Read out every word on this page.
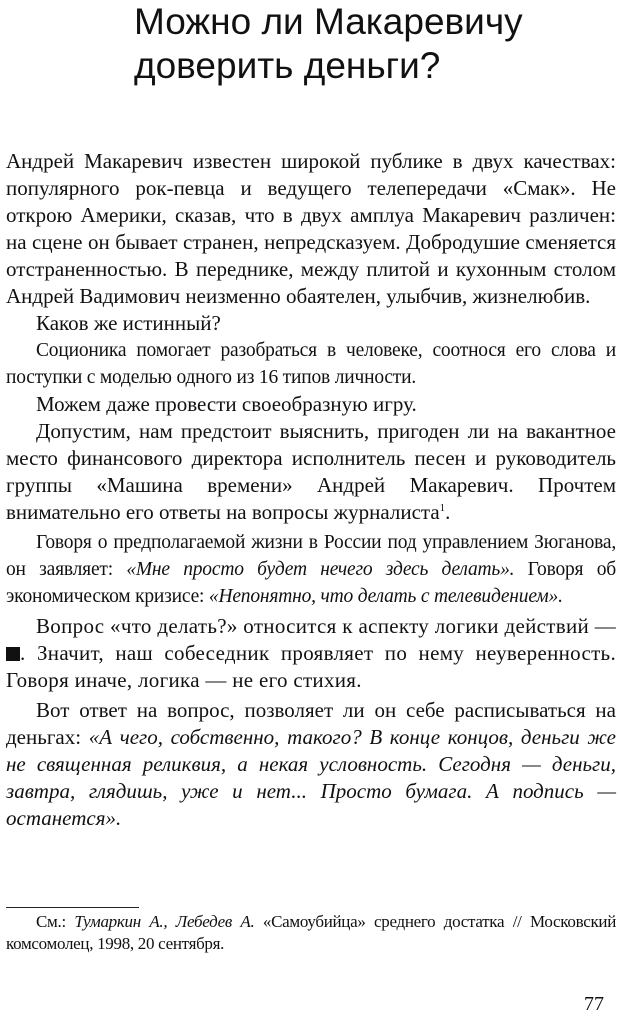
Можно ли Макаревичу доверить деньги?

Андрей Макаревич известен широкой публике в двух качествах: популярного рок-певца и ведущего телепередачи «Смак». Не открою Америки, сказав, что в двух амплуа Макаревич различен: на сцене он бывает странен, непредсказуем. Добродушие сменяется отстраненностью. В переднике, между плитой и кухонным столом Андрей Вадимович неизменно обаятелен, улыбчив, жизнелюбив.

Каков же истинный?

Соционика помогает разобраться в человеке, соотнося его слова и поступки с моделью одного из 16 типов личности.

Можем даже провести своеобразную игру.

Допустим, нам предстоит выяснить, пригоден ли на вакантное место финансового директора исполнитель песен и руководитель группы «Машина времени» Андрей Макаревич. Прочтем внимательно его ответы на вопросы журналиста$^1$.

Говоря о предполагаемой жизни в России под управлением Зюганова, он заявляет: «Мне просто будет нечего здесь делать». Говоря об экономическом кризисе: «Непонятно, что делать с телевидением».

Вопрос «что делать?» относится к аспекту логики действий — . Значит, наш собеседник проявляет по нему неуверенность. Говоря иначе, логика — не его стихия.

Вот ответ на вопрос, позволяет ли он себе расписываться на деньгах: «А чего, собственно, такого? В конце концов, деньги же не священная реликвия, а некая условность. Сегодня — деньги, завтра, глядишь, уже и нет... Просто бумага. А подпись — останется».

См.: Тумаркин А., Лебедев А. «Самоубийца» среднего достатка // Московский комсомолец, 1998, 20 сентября.

77
